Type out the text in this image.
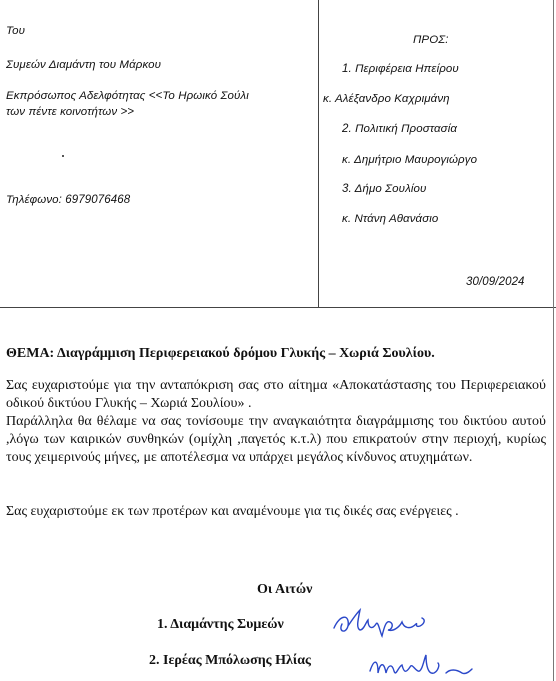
Του
Συμεών Διαμάντη του Μάρκου
Εκπρόσωπος Αδελφότητας <<Το Ηρωικό Σούλι
των πέντε κοινοτήτων >>
Τηλέφωνο: 6979076468
ΠΡΟΣ:
1. Περιφέρεια Ηπείρου
κ. Αλέξανδρο Καχριμάνη
2. Πολιτική Προστασία
κ. Δημήτριο Μαυρογιώργο
3. Δήμο Σουλίου
κ. Ντάνη Αθανάσιο
30/09/2024
ΘΕΜΑ: Διαγράμμιση Περιφερειακού δρόμου Γλυκής – Χωριά Σουλίου.
Σας ευχαριστούμε για την ανταπόκριση σας στο αίτημα «Αποκατάστασης του Περιφερειακού οδικού δικτύου Γλυκής – Χωριά Σουλίου» .
Παράλληλα θα θέλαμε να σας τονίσουμε την αναγκαιότητα διαγράμμισης του δικτύου αυτού ,λόγω των καιρικών συνθηκών (ομίχλη ,παγετός κ.τ.λ) που επικρατούν στην περιοχή, κυρίως τους χειμερινούς μήνες, με αποτέλεσμα να υπάρχει μεγάλος κίνδυνος ατυχημάτων.
Σας ευχαριστούμε εκ των προτέρων και αναμένουμε για τις δικές σας ενέργειες .
Οι Αιτών
1. Διαμάντης Συμεών
2. Ιερέας Μπόλωσης Ηλίας
